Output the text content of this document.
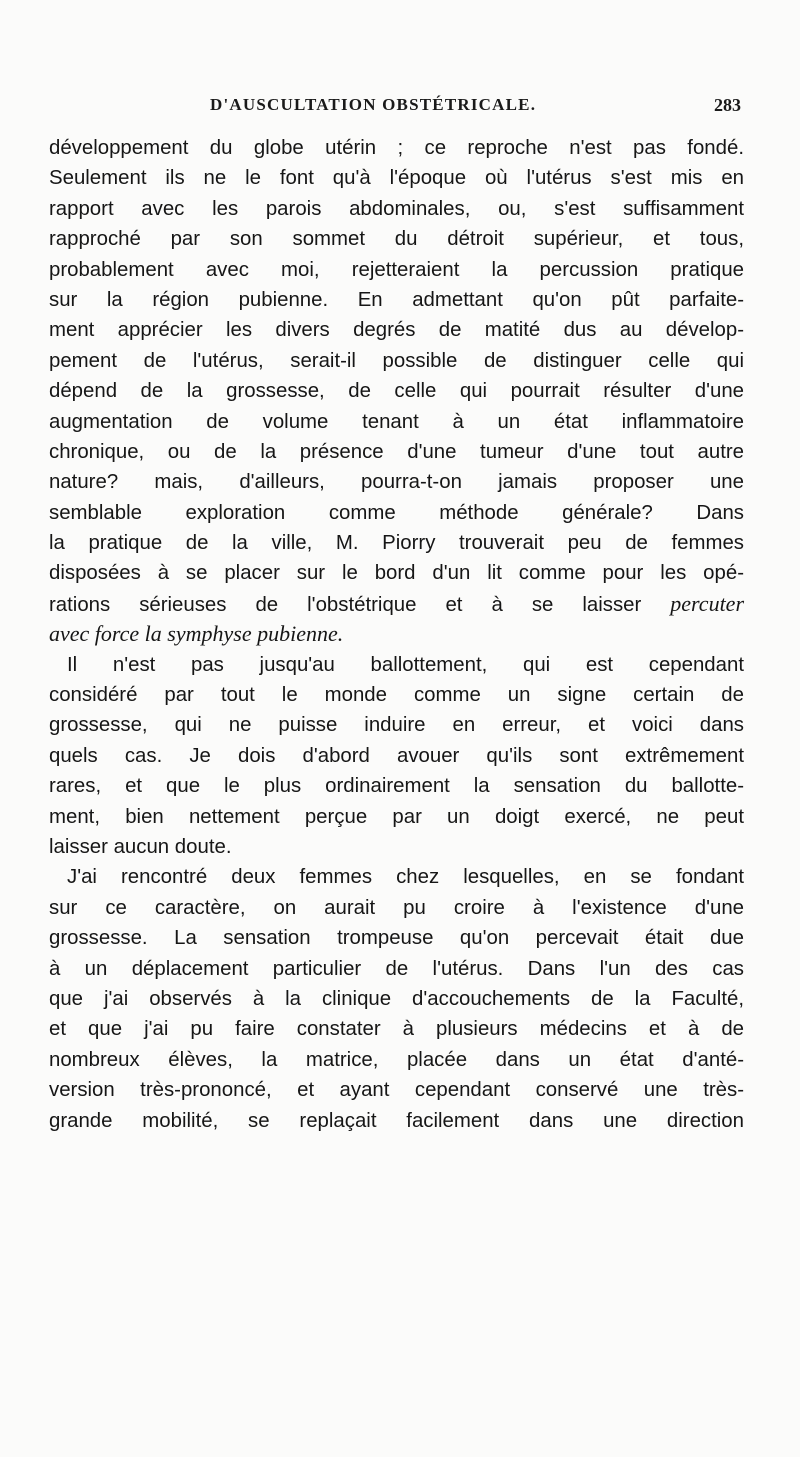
D'AUSCULTATION OBSTÉTRICALE.	283
développement du globe utérin ; ce reproche n'est pas fondé.
Seulement ils ne le font qu'à l'époque où l'utérus s'est mis en
rapport avec les parois abdominales, ou, s'est suffisamment
rapproché par son sommet du détroit supérieur, et tous,
probablement avec moi, rejetteraient la percussion pratique
sur la région pubienne. En admettant qu'on pût parfaite-
ment apprécier les divers degrés de matité dus au dévelop-
pement de l'utérus, serait-il possible de distinguer celle qui
dépend de la grossesse, de celle qui pourrait résulter d'une
augmentation de volume tenant à un état inflammatoire
chronique, ou de la présence d'une tumeur d'une tout autre
nature? mais, d'ailleurs, pourra-t-on jamais proposer une
semblable exploration comme méthode générale? Dans
la pratique de la ville, M. Piorry trouverait peu de femmes
disposées à se placer sur le bord d'un lit comme pour les opé-
rations sérieuses de l'obstétrique et à se laisser percuter
avec force la symphyse pubienne.
Il n'est pas jusqu'au ballottement, qui est cependant
considéré par tout le monde comme un signe certain de
grossesse, qui ne puisse induire en erreur, et voici dans
quels cas. Je dois d'abord avouer qu'ils sont extrêmement
rares, et que le plus ordinairement la sensation du ballotte-
ment, bien nettement perçue par un doigt exercé, ne peut
laisser aucun doute.
J'ai rencontré deux femmes chez lesquelles, en se fondant
sur ce caractère, on aurait pu croire à l'existence d'une
grossesse. La sensation trompeuse qu'on percevait était due
à un déplacement particulier de l'utérus. Dans l'un des cas
que j'ai observés à la clinique d'accouchements de la Faculté,
et que j'ai pu faire constater à plusieurs médecins et à de
nombreux élèves, la matrice, placée dans un état d'anté-
version très-prononcé, et ayant cependant conservé une très-
grande mobilité, se replaçait facilement dans une direction
